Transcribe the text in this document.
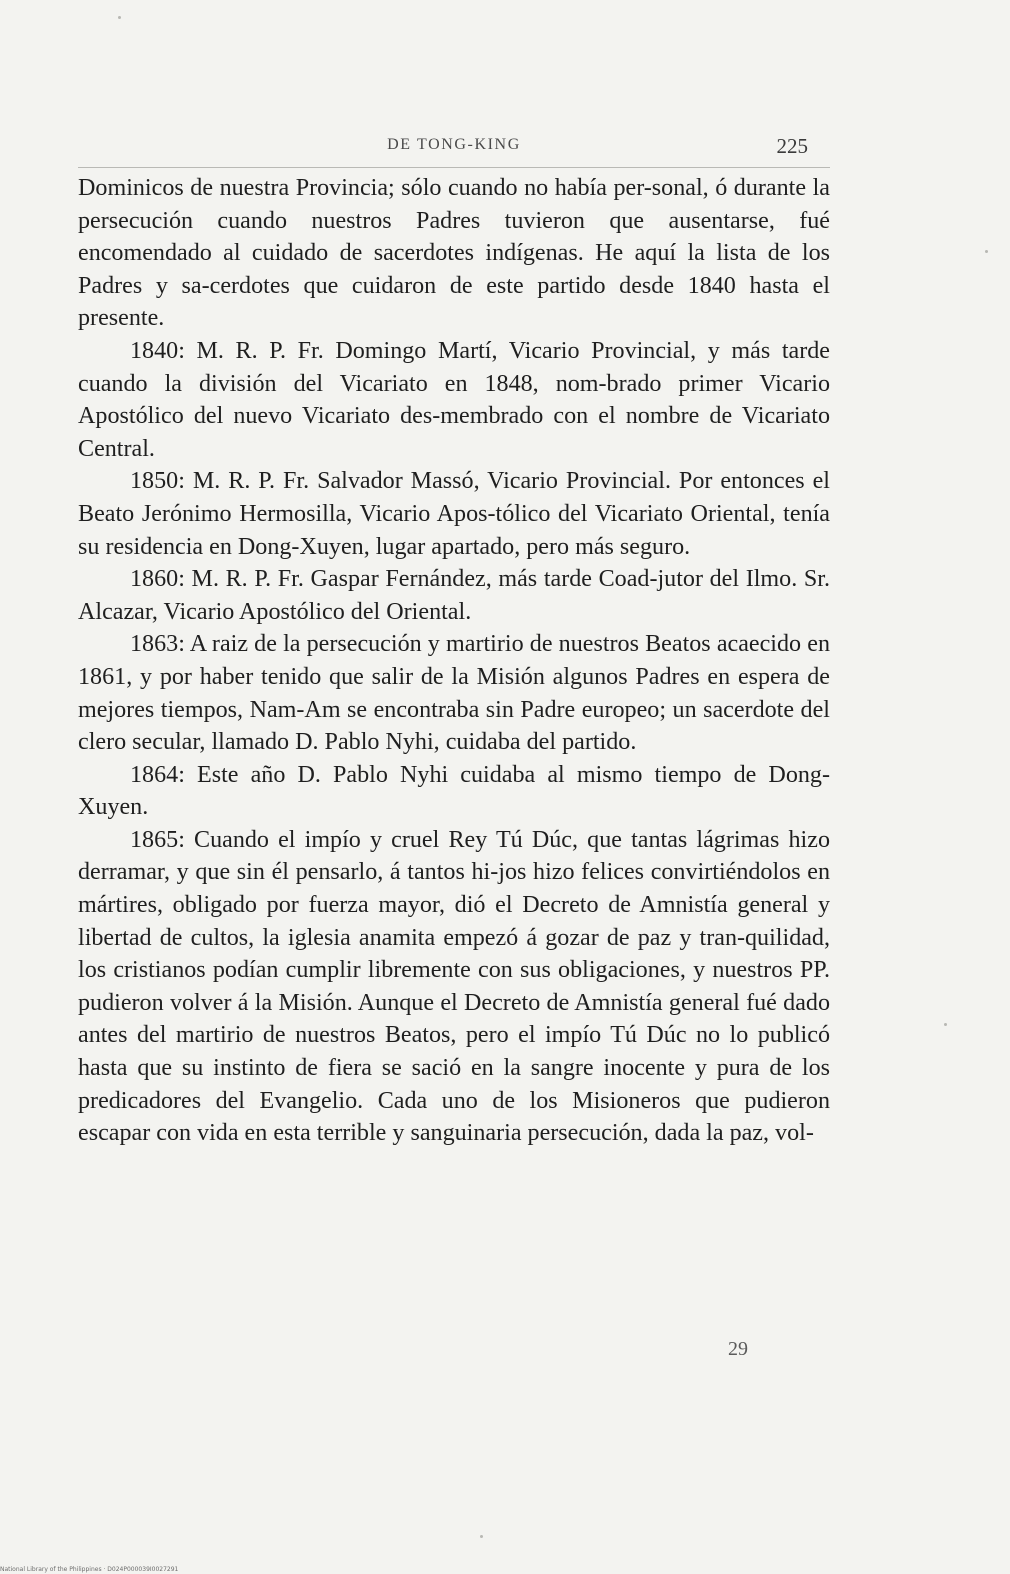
DE TONG-KING	225

Dominicos de nuestra Provincia; sólo cuando no había per-sonal, ó durante la persecución cuando nuestros Padres tuvieron que ausentarse, fué encomendado al cuidado de sacerdotes indígenas. He aquí la lista de los Padres y sa-cerdotes que cuidaron de este partido desde 1840 hasta el presente.

1840: M. R. P. Fr. Domingo Martí, Vicario Provincial, y más tarde cuando la división del Vicariato en 1848, nom-brado primer Vicario Apostólico del nuevo Vicariato des-membrado con el nombre de Vicariato Central.

1850: M. R. P. Fr. Salvador Massó, Vicario Provincial. Por entonces el Beato Jerónimo Hermosilla, Vicario Apos-tólico del Vicariato Oriental, tenía su residencia en Dong-Xuyen, lugar apartado, pero más seguro.

1860: M. R. P. Fr. Gaspar Fernández, más tarde Coad-jutor del Ilmo. Sr. Alcazar, Vicario Apostólico del Oriental.

1863: A raiz de la persecución y martirio de nuestros Beatos acaecido en 1861, y por haber tenido que salir de la Misión algunos Padres en espera de mejores tiempos, Nam-Am se encontraba sin Padre europeo; un sacerdote del clero secular, llamado D. Pablo Nyhi, cuidaba del partido.

1864: Este año D. Pablo Nyhi cuidaba al mismo tiempo de Dong-Xuyen.

1865: Cuando el impío y cruel Rey Tú Dúc, que tantas lágrimas hizo derramar, y que sin él pensarlo, á tantos hi-jos hizo felices convirtiéndolos en mártires, obligado por fuerza mayor, dió el Decreto de Amnistía general y libertad de cultos, la iglesia anamita empezó á gozar de paz y tran-quilidad, los cristianos podían cumplir libremente con sus obligaciones, y nuestros PP. pudieron volver á la Misión. Aunque el Decreto de Amnistía general fué dado antes del martirio de nuestros Beatos, pero el impío Tú Dúc no lo publicó hasta que su instinto de fiera se sació en la sangre inocente y pura de los predicadores del Evangelio. Cada uno de los Misioneros que pudieron escapar con vida en esta terrible y sanguinaria persecución, dada la paz, vol-

29
National Library of the Philippines · D024P000039I0027291
